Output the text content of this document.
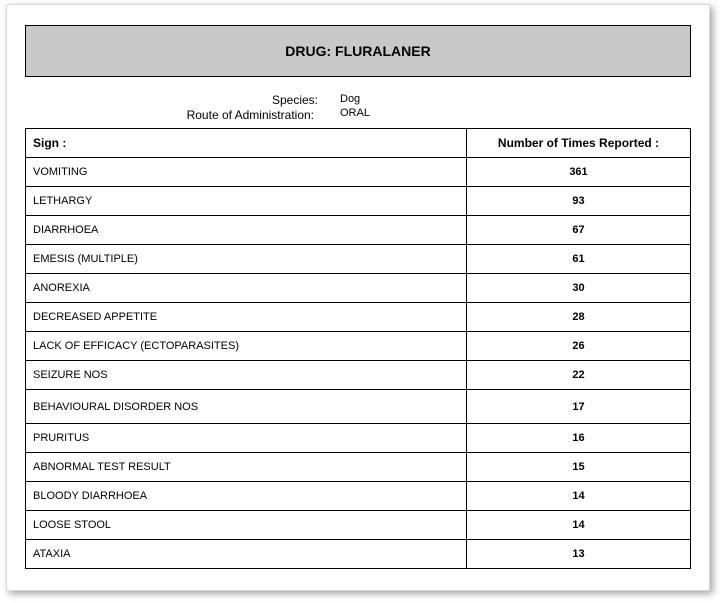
DRUG: FLURALANER
Species: Dog
Route of Administration: ORAL
Sign :	Number of Times Reported :
VOMITING	361
LETHARGY	93
DIARRHOEA	67
EMESIS (MULTIPLE)	61
ANOREXIA	30
DECREASED APPETITE	28
LACK OF EFFICACY (ECTOPARASITES)	26
SEIZURE NOS	22
BEHAVIOURAL DISORDER NOS	17
PRURITUS	16
ABNORMAL TEST RESULT	15
BLOODY DIARRHOEA	14
LOOSE STOOL	14
ATAXIA	13
